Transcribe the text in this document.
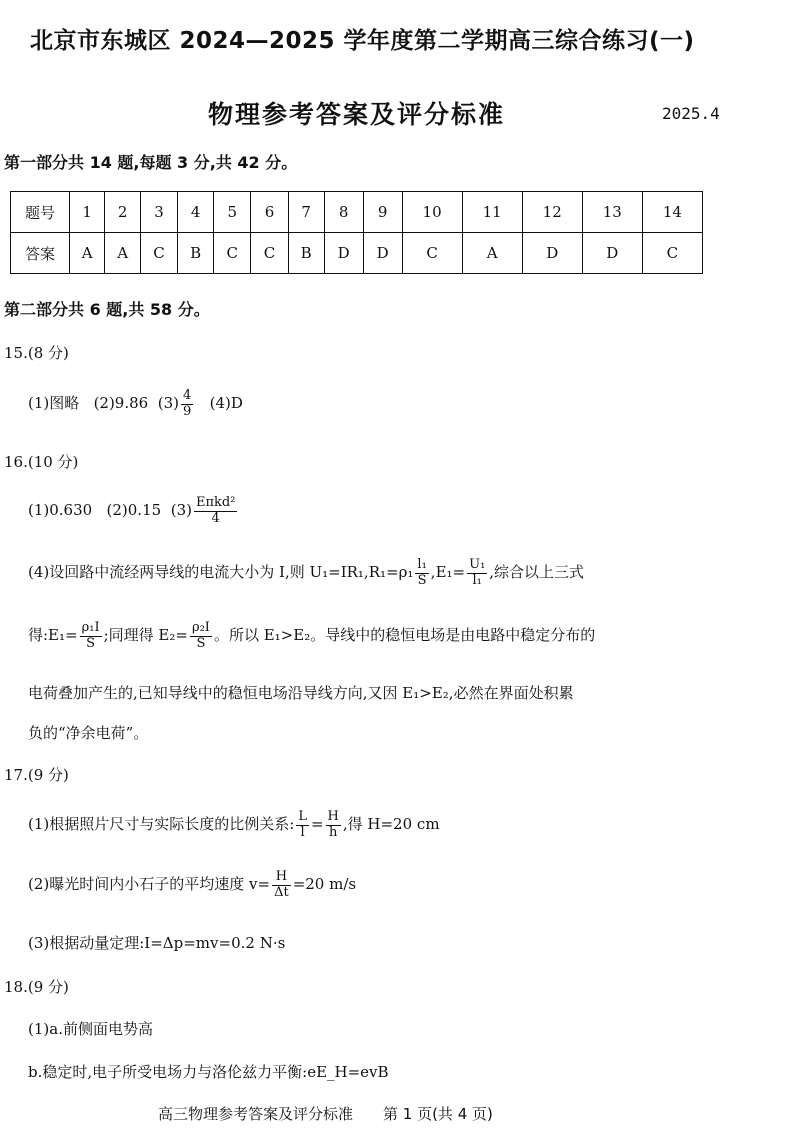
北京市东城区 2024—2025 学年度第二学期高三综合练习(一)
物理参考答案及评分标准	2025.4
第一部分共 14 题,每题 3 分,共 42 分。
题号	1	2	3	4	5	6	7	8	9	10	11	12	13	14
答案	A	A	C	B	C	C	B	D	D	C	A	D	D	C
第二部分共 6 题,共 58 分。
15.(8 分)
(1)图略 (2)9.86 $(3) \frac{4}{9} (4)D$
16.(10 分)
(1)0.630 (2)0.15 $(3) \frac{\text{Eπkd²}}{4}$
(4)设回路中流经两导线的电流大小为 I,则 $U_1=IR_1,R_1=\rho_1 \frac{\text{l₁}}{S} ,E_1= \frac{\text{U₁}}{\text{l₁}}$ ,综合以上三式
得:E₁= $\frac{\text{ρ₁I}}{S}$ ;同理得 $E_2= \frac{\text{ρ₂I}}{S}$ 。所以 E₁>E₂。导线中的稳恒电场是由电路中稳定分布的
电荷叠加产生的,已知导线中的稳恒电场沿导线方向,又因 E₁>E₂,必然在界面处积累
负的“净余电荷”。
17.(9 分)
(1)根据照片尺寸与实际长度的比例关系: $\frac{L}{l} = \frac{H}{h}$ ,得 H=20 cm
(2)曝光时间内小石子的平均速度 $v= \frac{H}{\Delta t} =20$ m/s
(3)根据动量定理:I=Δp=mv=0.2 N·s
18.(9 分)
(1)a.前侧面电势高
b.稳定时,电子所受电场力与洛伦兹力平衡:eE_H=evB
高三物理参考答案及评分标准　　第 1 页(共 4 页)
